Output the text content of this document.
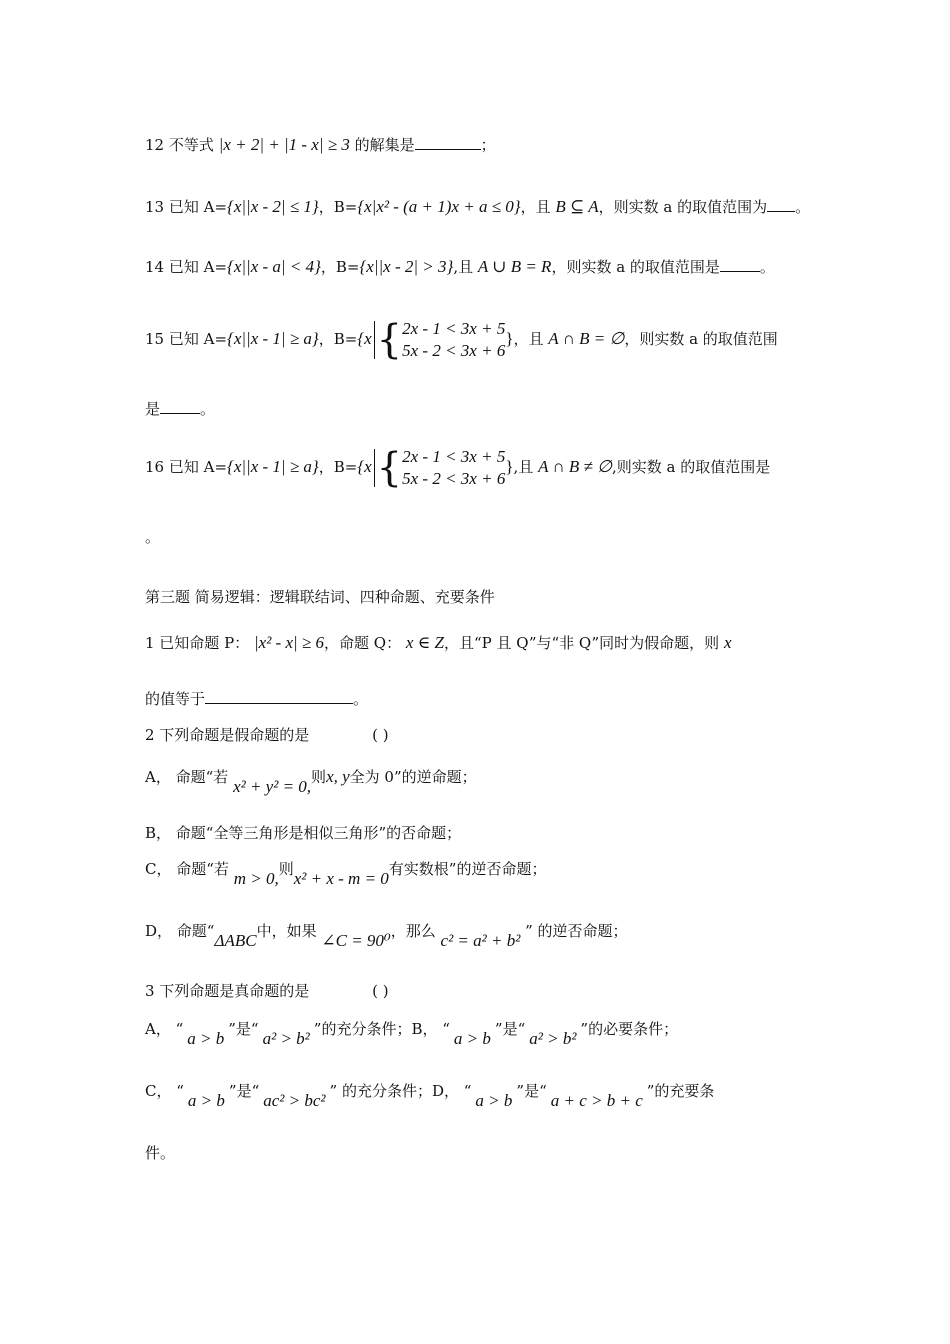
12 不等式 |x + 2| + |1 - x| ≥ 3 的解集是	；
13 已知 A={x||x - 2| ≤ 1}，B={x|x² - (a + 1)x + a ≤ 0}，且 B ⊆ A，则实数 a 的取值范围为 。
14 已知 A={x||x - a| < 4}，B={x||x - 2| > 3},且 A ∪ B = R，则实数 a 的取值范围是	。
15 已知 A={x||x - 1| ≥ a}，B={x {2x - 1 < 3x + 5
5x - 2 < 3x + 6}，且 A ∩ B = ∅，则实数 a 的取值范围
是	。
16 已知 A={x||x - 1| ≥ a}，B={x {2x - 1 < 3x + 5
5x - 2 < 3x + 6},且 A ∩ B ≠ ∅,则实数 a 的取值范围是
。
第三题 简易逻辑：逻辑联结词、四种命题、充要条件
1 已知命题 P： |x² - x| ≥ 6，命题 Q： x ∈ Z，且“P 且 Q”与“非 Q”同时为假命题，则 x
的值等于	。
2 下列命题是假命题的是	( )
A， 命题“若 x² + y² = 0,则x, y全为 0”的逆命题；
B， 命题“全等三角形是相似三角形”的否命题；
C， 命题“若 m > 0,则x² + x - m = 0有实数根”的逆否命题；
D， 命题“ΔABC中，如果 ∠C = 90⁰，那么 c² = a² + b² ” 的逆否命题；
3 下列命题是真命题的是	( )
A， “ a > b ”是“ a² > b² ”的充分条件；B， “ a > b ”是“ a² > b² ”的必要条件；
C， “ a > b ”是“ ac² > bc² ” 的充分条件；D， “ a > b ”是“ a + c > b + c ”的充要条
件。
